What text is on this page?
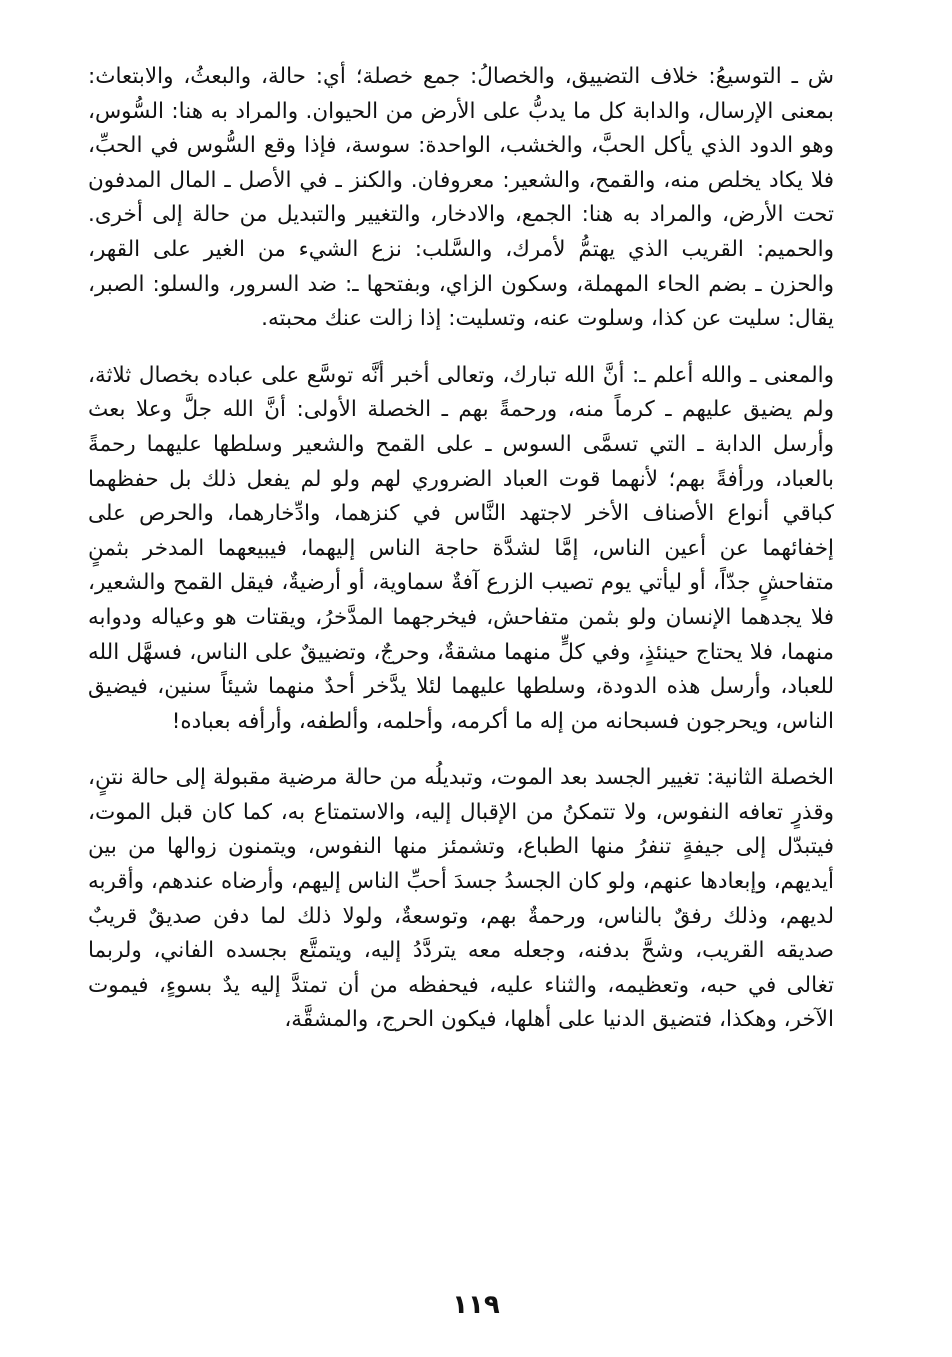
ش ـ التوسيعُ: خلاف التضييق، والخصالُ: جمع خصلة؛ أي: حالة، والبعثُ، والابتعاث: بمعنى الإرسال، والدابة كل ما يدبُّ على الأرض من الحيوان. والمراد به هنا: السُّوس، وهو الدود الذي يأكل الحبَّ، والخشب، الواحدة: سوسة، فإذا وقع السُّوس في الحبِّ، فلا يكاد يخلص منه، والقمح، والشعير: معروفان. والكنز ـ في الأصل ـ المال المدفون تحت الأرض، والمراد به هنا: الجمع، والادخار، والتغيير والتبديل من حالة إلى أخرى. والحميم: القريب الذي يهتمُّ لأمرك، والسَّلب: نزع الشيء من الغير على القهر، والحزن ـ بضم الحاء المهملة، وسكون الزاي، وبفتحها ـ: ضد السرور، والسلو: الصبر، يقال: سليت عن كذا، وسلوت عنه، وتسليت: إذا زالت عنك محبته.

والمعنى ـ والله أعلم ـ: أنَّ الله تبارك، وتعالى أخبر أنَّه توسَّع على عباده بخصال ثلاثة، ولم يضيق عليهم ـ كرماً منه، ورحمةً بهم ـ الخصلة الأولى: أنَّ الله جلَّ وعلا بعث وأرسل الدابة ـ التي تسمَّى السوس ـ على القمح والشعير وسلطها عليهما رحمةً بالعباد، ورأفةً بهم؛ لأنهما قوت العباد الضروري لهم ولو لم يفعل ذلك بل حفظهما كباقي أنواع الأصناف الأخر لاجتهد النَّاس في كنزهما، وادِّخارهما، والحرص على إخفائهما عن أعين الناس، إمَّا لشدَّة حاجة الناس إليهما، فيبيعهما المدخر بثمنٍ متفاحشٍ جدّاً، أو ليأتي يوم تصيب الزرع آفةٌ سماوية، أو أرضيةٌ، فيقل القمح والشعير، فلا يجدهما الإنسان ولو بثمن متفاحش، فيخرجهما المدَّخرُ، ويقتات هو وعياله ودوابه منهما، فلا يحتاج حينئذٍ، وفي كلٍّ منهما مشقةٌ، وحرجٌ، وتضييقٌ على الناس، فسهَّل الله للعباد، وأرسل هذه الدودة، وسلطها عليهما لئلا يدَّخر أحدٌ منهما شيئاً سنين، فيضيق الناس، ويحرجون فسبحانه من إله ما أكرمه، وأحلمه، وألطفه، وأرأفه بعباده!

الخصلة الثانية: تغيير الجسد بعد الموت، وتبديلُه من حالة مرضية مقبولة إلى حالة نتنٍ، وقذرٍ تعافه النفوس، ولا تتمكنُ من الإقبال إليه، والاستمتاع به، كما كان قبل الموت، فيتبدّل إلى جيفةٍ تنفرُ منها الطباع، وتشمئز منها النفوس، ويتمنون زوالها من بين أيديهم، وإبعادها عنهم، ولو كان الجسدُ جسدَ أحبِّ الناس إليهم، وأرضاه عندهم، وأقربه لديهم، وذلك رفقٌ بالناس، ورحمةٌ بهم، وتوسعةٌ، ولولا ذلك لما دفن صديقٌ قريبٌ صديقه القريب، وشحَّ بدفنه، وجعله معه يتردَّدُ إليه، ويتمتَّع بجسده الفاني، ولربما تغالى في حبه، وتعظيمه، والثناء عليه، فيحفظه من أن تمتدَّ إليه يدٌ بسوءٍ، فيموت الآخر، وهكذا، فتضيق الدنيا على أهلها، فيكون الحرج، والمشقَّة،

١١٩
